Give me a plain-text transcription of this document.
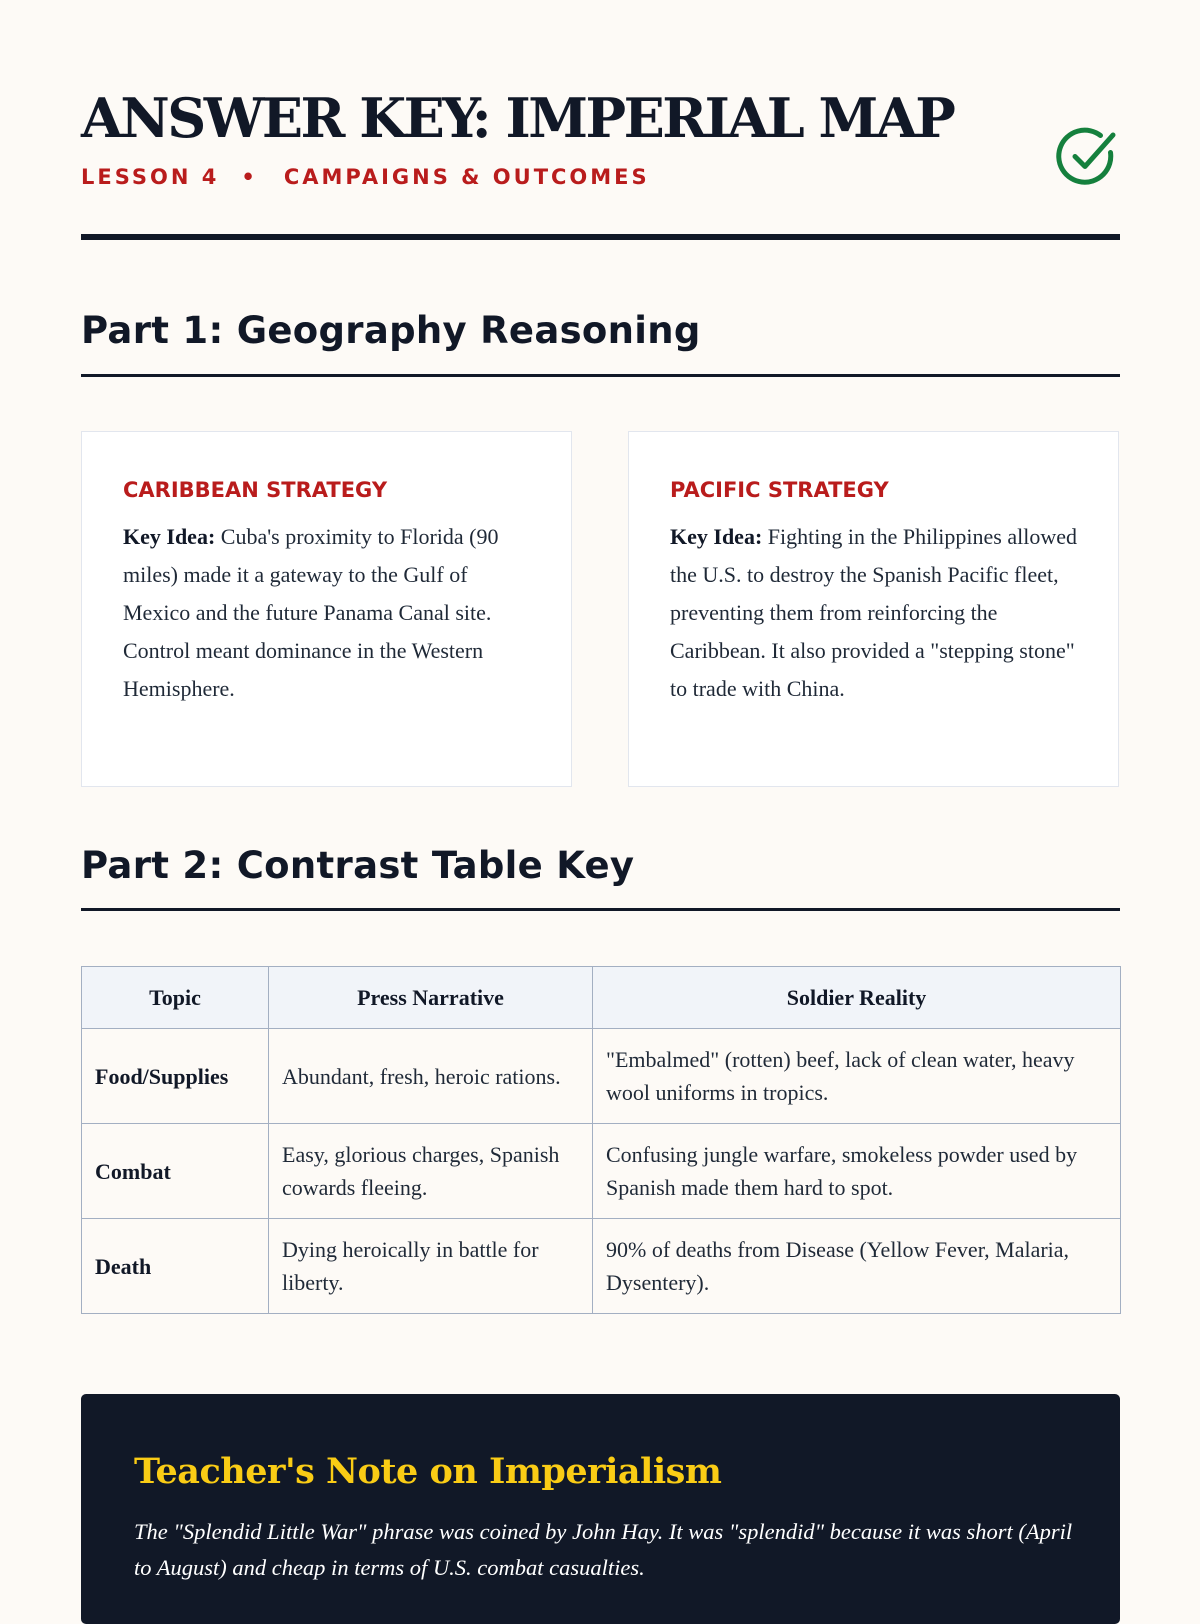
ANSWER KEY: IMPERIAL MAP
LESSON 4 • CAMPAIGNS & OUTCOMES
Part 1: Geography Reasoning
CARIBBEAN STRATEGY

Key Idea: Cuba's proximity to Florida (90 miles) made it a gateway to the Gulf of Mexico and the future Panama Canal site. Control meant dominance in the Western Hemisphere.

PACIFIC STRATEGY

Key Idea: Fighting in the Philippines allowed the U.S. to destroy the Spanish Pacific fleet, preventing them from reinforcing the Caribbean. It also provided a "stepping stone" to trade with China.

Part 2: Contrast Table Key
Topic	Press Narrative	Soldier Reality
Food/Supplies	Abundant, fresh, heroic rations.	"Embalmed" (rotten) beef, lack of clean water, heavy wool uniforms in tropics.
Combat	Easy, glorious charges, Spanish cowards fleeing.	Confusing jungle warfare, smokeless powder used by Spanish made them hard to spot.
Death	Dying heroically in battle for liberty.	90% of deaths from Disease (Yellow Fever, Malaria, Dysentery).
Teacher's Note on Imperialism

The "Splendid Little War" phrase was coined by John Hay. It was "splendid" because it was short (April to August) and cheap in terms of U.S. combat casualties.
